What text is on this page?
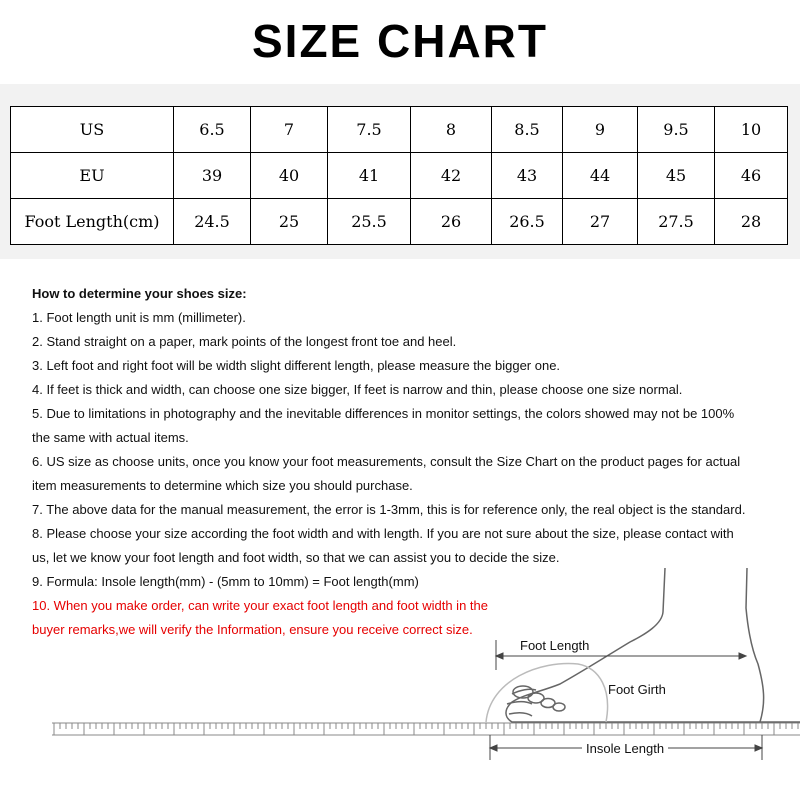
SIZE CHART
US	6.5	7	7.5	8	8.5	9	9.5	10
EU	39	40	41	42	43	44	45	46
Foot Length(cm)	24.5	25	25.5	26	26.5	27	27.5	28
How to determine your shoes size:
1. Foot length unit is mm (millimeter).
2. Stand straight on a paper, mark points of the longest front toe and heel.
3. Left foot and right foot will be width slight different length, please measure the bigger one.
4. If feet is thick and width, can choose one size bigger, If feet is narrow and thin, please choose one size normal.
5. Due to limitations in photography and the inevitable differences in monitor settings, the colors showed may not be 100%
the same with actual items.
6. US size as choose units, once you know your foot measurements, consult the Size Chart on the product pages for actual
item measurements to determine which size you should purchase.
7. The above data for the manual measurement, the error is 1-3mm, this is for reference only, the real object is the standard.
8. Please choose your size according the foot width and with length. If you are not sure about the size, please contact with
us, let we know your foot length and foot width, so that we can assist you to decide the size.
9. Formula: Insole length(mm) - (5mm to 10mm) = Foot length(mm)
10. When you make order, can write your exact foot length and foot width in the
buyer remarks,we will verify the Information, ensure you receive correct size.
Foot Length
Foot Girth
Insole Length
